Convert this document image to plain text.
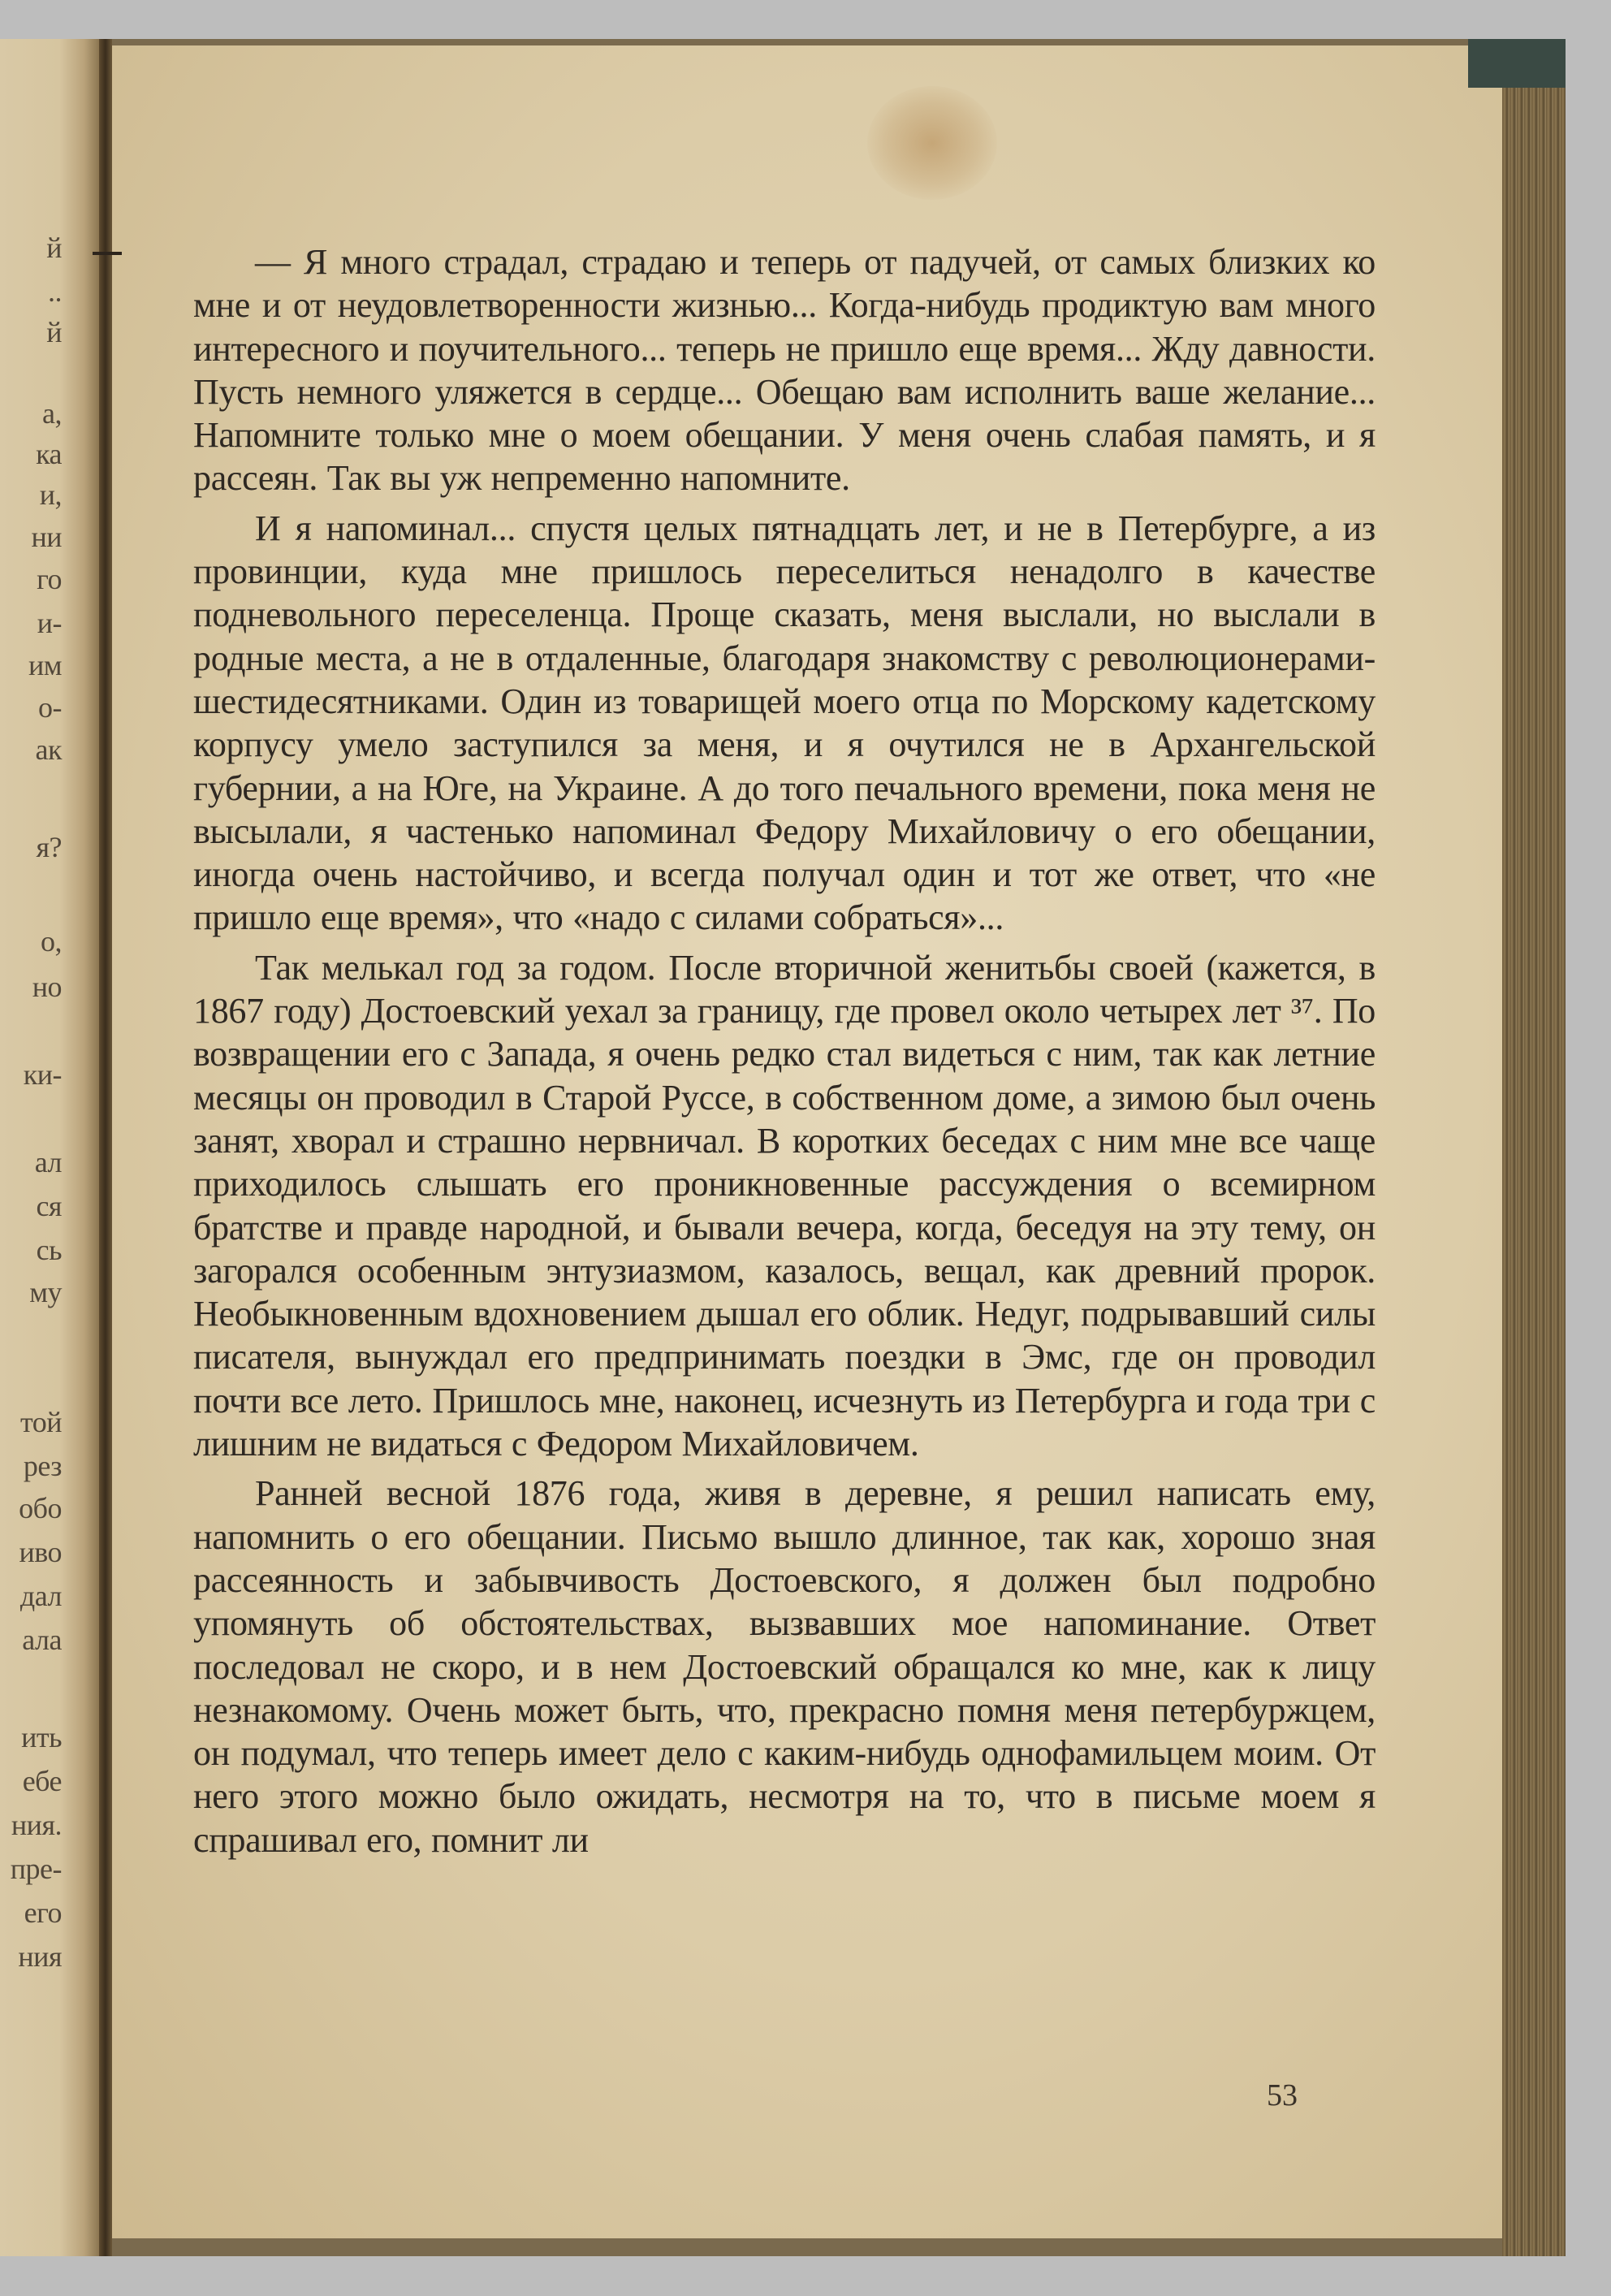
й
..
й
а,
ка
и,
ни
го
и-
им
о-
ак
я?
о,
но
ки-
ал
ся
сь
му
той
рез
обо
иво
дал
ала
ить
ебе
ния.
пре-
его
ния

— Я много страдал, страдаю и теперь от падучей, от самых близких ко мне и от неудовлетворенности жизнью... Когда-нибудь продиктую вам много интересного и поучительного... теперь не пришло еще время... Жду давности. Пусть немного уляжется в сердце... Обещаю вам исполнить ваше желание... Напомните только мне о моем обещании. У меня очень слабая память, и я рассеян. Так вы уж непременно напомните.

И я напоминал... спустя целых пятнадцать лет, и не в Петербурге, а из провинции, куда мне пришлось переселиться ненадолго в качестве подневольного переселенца. Проще сказать, меня выслали, но выслали в родные места, а не в отдаленные, благодаря знакомству с революционерами-шестидесятниками. Один из товарищей моего отца по Морскому кадетскому корпусу умело заступился за меня, и я очутился не в Архангельской губернии, а на Юге, на Украине. А до того печального времени, пока меня не высылали, я частенько напоминал Федору Михайловичу о его обещании, иногда очень настойчиво, и всегда получал один и тот же ответ, что «не пришло еще время», что «надо с силами собраться»...

Так мелькал год за годом. После вторичной женитьбы своей (кажется, в 1867 году) Достоевский уехал за границу, где провел около четырех лет ³⁷. По возвращении его с Запада, я очень редко стал видеться с ним, так как летние месяцы он проводил в Старой Руссе, в собственном доме, а зимою был очень занят, хворал и страшно нервничал. В коротких беседах с ним мне все чаще приходилось слышать его проникновенные рассуждения о всемирном братстве и правде народной, и бывали вечера, когда, беседуя на эту тему, он загорался особенным энтузиазмом, казалось, вещал, как древний пророк. Необыкновенным вдохновением дышал его облик. Недуг, подрывавший силы писателя, вынуждал его предпринимать поездки в Эмс, где он проводил почти все лето. Пришлось мне, наконец, исчезнуть из Петербурга и года три с лишним не видаться с Федором Михайловичем.

Ранней весной 1876 года, живя в деревне, я решил написать ему, напомнить о его обещании. Письмо вышло длинное, так как, хорошо зная рассеянность и забывчивость Достоевского, я должен был подробно упомянуть об обстоятельствах, вызвавших мое напоминание. Ответ последовал не скоро, и в нем Достоевский обращался ко мне, как к лицу незнакомому. Очень может быть, что, прекрасно помня меня петербуржцем, он подумал, что теперь имеет дело с каким-нибудь однофамильцем моим. От него этого можно было ожидать, несмотря на то, что в письме моем я спрашивал его, помнит ли

53
